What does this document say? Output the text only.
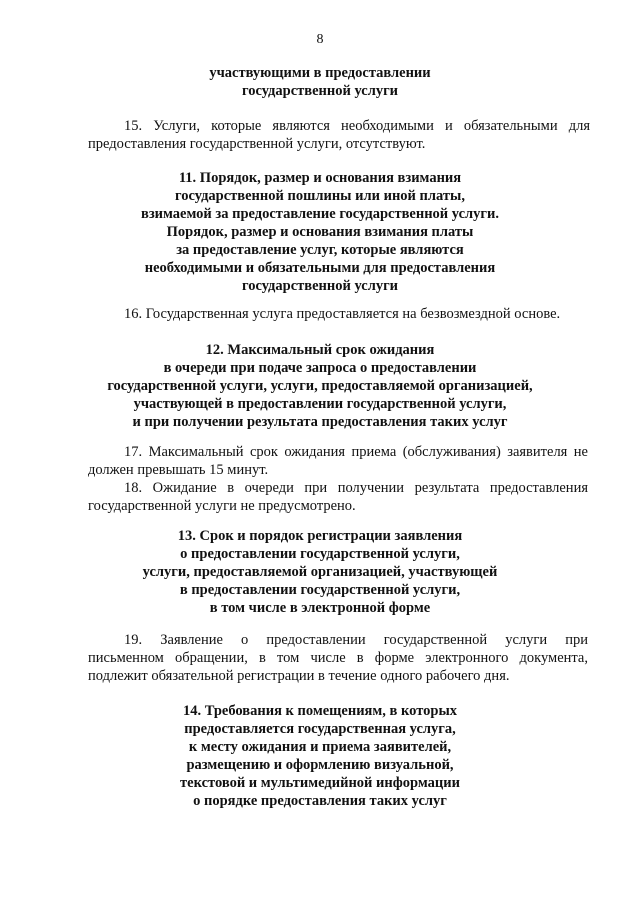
8
участвующими в предоставлении
государственной услуги
15. Услуги, которые являются необходимыми и обязательными для
предоставления государственной услуги, отсутствуют.
11. Порядок, размер и основания взимания
государственной пошлины или иной платы,
взимаемой за предоставление государственной услуги.
Порядок, размер и основания взимания платы
за предоставление услуг, которые являются
необходимыми и обязательными для предоставления
государственной услуги
16. Государственная услуга предоставляется на безвозмездной основе.
12. Максимальный срок ожидания
в очереди при подаче запроса о предоставлении
государственной услуги, услуги, предоставляемой организацией,
участвующей в предоставлении государственной услуги,
и при получении результата предоставления таких услуг
17. Максимальный срок ожидания приема (обслуживания) заявителя не
должен превышать 15 минут.
18. Ожидание в очереди при получении результата предоставления
государственной услуги не предусмотрено.
13. Срок и порядок регистрации заявления
о предоставлении государственной услуги,
услуги, предоставляемой организацией, участвующей
в предоставлении государственной услуги,
в том числе в электронной форме
19. Заявление о предоставлении государственной услуги при
письменном обращении, в том числе в форме электронного документа,
подлежит обязательной регистрации в течение одного рабочего дня.
14. Требования к помещениям, в которых
предоставляется государственная услуга,
к месту ожидания и приема заявителей,
размещению и оформлению визуальной,
текстовой и мультимедийной информации
о порядке предоставления таких услуг
